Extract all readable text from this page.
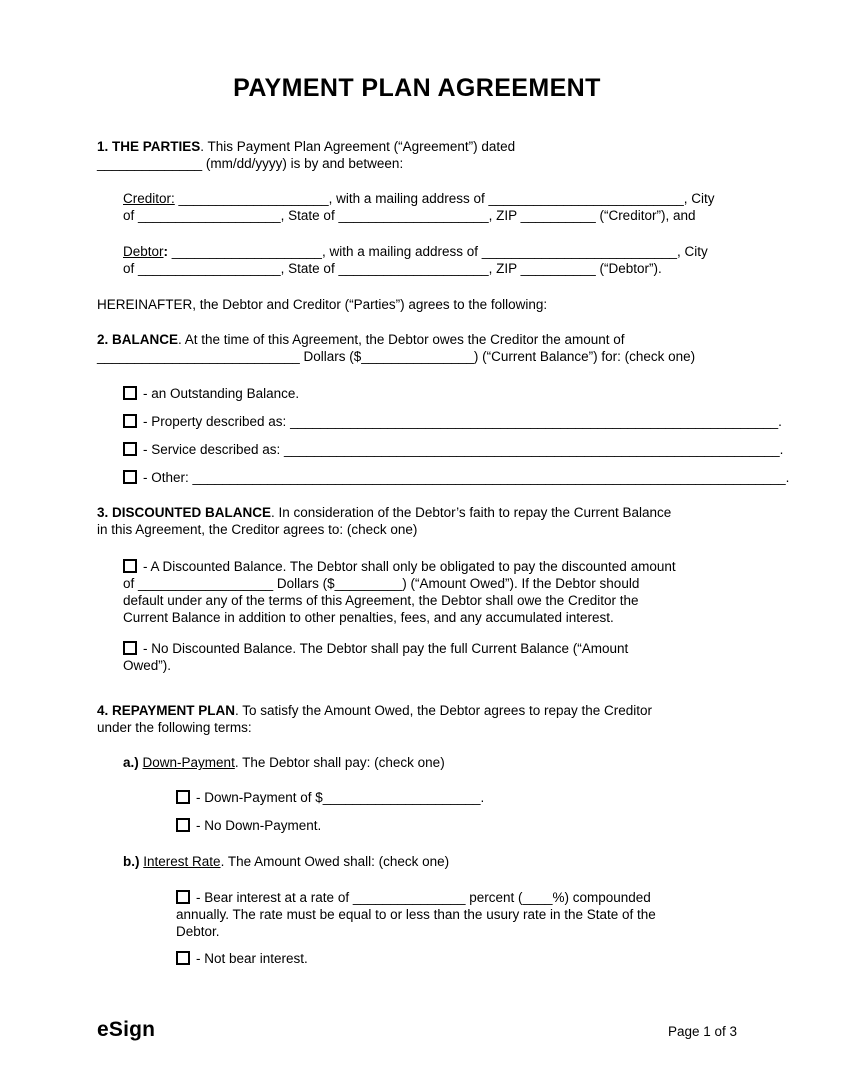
PAYMENT PLAN AGREEMENT

1. THE PARTIES. This Payment Plan Agreement (“Agreement”) dated
______________ (mm/dd/yyyy) is by and between:

Creditor: ____________________, with a mailing address of __________________________, City
of ___________________, State of ____________________, ZIP __________ (“Creditor”), and

Debtor: ____________________, with a mailing address of __________________________, City
of ___________________, State of ____________________, ZIP __________ (“Debtor”).

HEREINAFTER, the Debtor and Creditor (“Parties”) agrees to the following:

2. BALANCE. At the time of this Agreement, the Debtor owes the Creditor the amount of
___________________________ Dollars ($_______________) (“Current Balance”) for: (check one)

- an Outstanding Balance.
- Property described as: _________________________________________________________________.
- Service described as: __________________________________________________________________.
- Other: _______________________________________________________________________________.

3. DISCOUNTED BALANCE. In consideration of the Debtor’s faith to repay the Current Balance
in this Agreement, the Creditor agrees to: (check one)

- A Discounted Balance. The Debtor shall only be obligated to pay the discounted amount
of __________________ Dollars ($_________) (“Amount Owed”). If the Debtor should
default under any of the terms of this Agreement, the Debtor shall owe the Creditor the
Current Balance in addition to other penalties, fees, and any accumulated interest.
- No Discounted Balance. The Debtor shall pay the full Current Balance (“Amount
Owed”).

4. REPAYMENT PLAN. To satisfy the Amount Owed, the Debtor agrees to repay the Creditor
under the following terms:

a.) Down-Payment. The Debtor shall pay: (check one)

- Down-Payment of $_____________________.
- No Down-Payment.

b.) Interest Rate. The Amount Owed shall: (check one)

- Bear interest at a rate of _______________ percent (____%) compounded
annually. The rate must be equal to or less than the usury rate in the State of the
Debtor.
- Not bear interest.
eSign	Page 1 of 3
